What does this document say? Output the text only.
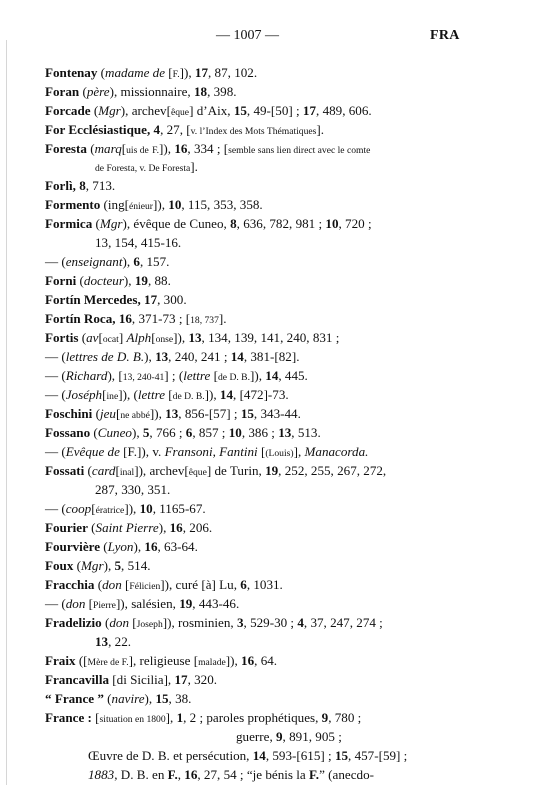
— 1007 —	FRA
Fontenay (madame de [F.]), 17, 87, 102.
Foran (père), missionnaire, 18, 398.
Forcade (Mgr), archev[êque] d’Aix, 15, 49-[50] ; 17, 489, 606.
For Ecclésiastique, 4, 27, [v. l’Index des Mots Thématiques].
Foresta (marq[uis de F.]), 16, 334 ; [semble sans lien direct avec le comte
de Foresta, v. De Foresta].
Forlì, 8, 713.
Formento (ing[énieur]), 10, 115, 353, 358.
Formica (Mgr), évêque de Cuneo, 8, 636, 782, 981 ; 10, 720 ;
13, 154, 415-16.
— (enseignant), 6, 157.
Forni (docteur), 19, 88.
Fortín Mercedes, 17, 300.
Fortín Roca, 16, 371-73 ; [18, 737].
Fortis (av[ocat] Alph[onse]), 13, 134, 139, 141, 240, 831 ;
— (lettres de D. B.), 13, 240, 241 ; 14, 381-[82].
— (Richard), [13, 240-41] ; (lettre [de D. B.]), 14, 445.
— (Joséph[ine]), (lettre [de D. B.]), 14, [472]-73.
Foschini (jeu[ne abbé]), 13, 856-[57] ; 15, 343-44.
Fossano (Cuneo), 5, 766 ; 6, 857 ; 10, 386 ; 13, 513.
— (Evêque de [F.]), v. Fransoni, Fantini [(Louis)], Manacorda.
Fossati (card[inal]), archev[êque] de Turin, 19, 252, 255, 267, 272,
287, 330, 351.
— (coop[ératrice]), 10, 1165-67.
Fourier (Saint Pierre), 16, 206.
Fourvière (Lyon), 16, 63-64.
Foux (Mgr), 5, 514.
Fracchia (don [Félicien]), curé [à] Lu, 6, 1031.
— (don [Pierre]), salésien, 19, 443-46.
Fradelizio (don [Joseph]), rosminien, 3, 529-30 ; 4, 37, 247, 274 ;
13, 22.
Fraix ([Mère de F.], religieuse [malade]), 16, 64.
Francavilla [di Sicilia], 17, 320.
“ France ” (navire), 15, 38.
France : [situation en 1800], 1, 2 ; paroles prophétiques, 9, 780 ;
guerre, 9, 891, 905 ;
Œuvre de D. B. et persécution, 14, 593-[615] ; 15, 457-[59] ;
1883, D. B. en F., 16, 27, 54 ; “je bénis la F.” (anecdo-
